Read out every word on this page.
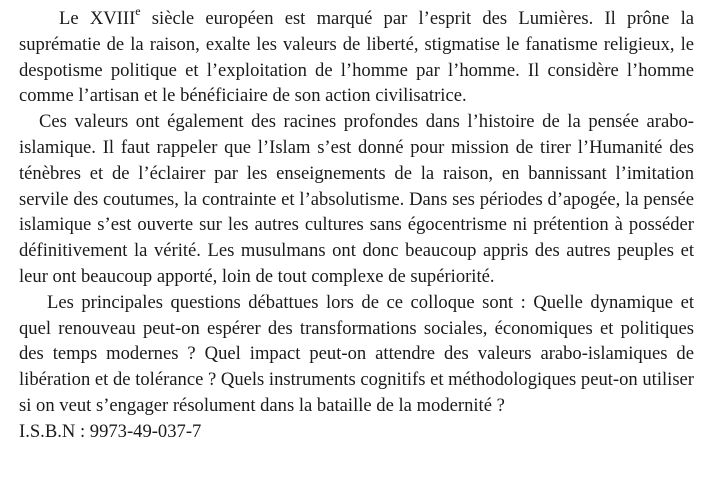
Le XVIIIe siècle européen est marqué par l’esprit des Lumières. Il prône la suprématie de la raison, exalte les valeurs de liberté, stigmatise le fanatisme religieux, le despotisme politique et l’exploitation de l’homme par l’homme. Il considère l’homme comme l’artisan et le bénéficiaire de son action civilisatrice.

Ces valeurs ont également des racines profondes dans l’histoire de la pensée arabo-islamique. Il faut rappeler que l’Islam s’est donné pour mission de tirer l’Humanité des ténèbres et de l’éclairer par les enseignements de la raison, en bannissant l’imitation servile des coutumes, la contrainte et l’absolutisme. Dans ses périodes d’apogée, la pensée islamique s’est ouverte sur les autres cultures sans égocentrisme ni prétention à posséder définitivement la vérité. Les musulmans ont donc beaucoup appris des autres peuples et leur ont beaucoup apporté, loin de tout complexe de supériorité.

Les principales questions débattues lors de ce colloque sont : Quelle dynamique et quel renouveau peut-on espérer des transformations sociales, économiques et politiques des temps modernes ? Quel impact peut-on attendre des valeurs arabo-islamiques de libération et de tolérance ? Quels instruments cognitifs et méthodologiques peut-on utiliser si on veut s’engager résolument dans la bataille de la modernité ?

I.S.B.N : 9973-49-037-7
